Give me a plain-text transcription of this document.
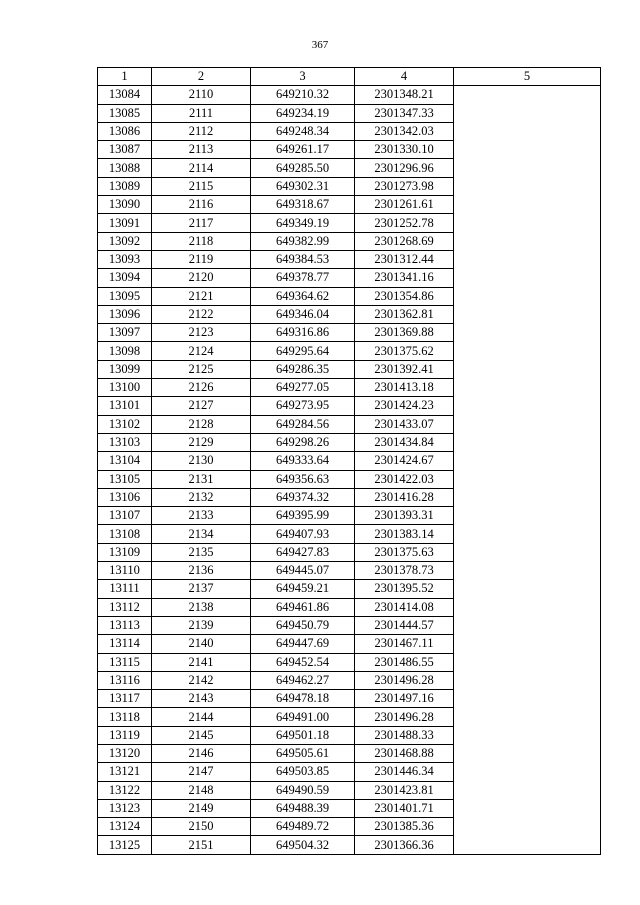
367
1	2	3	4	5
13084	2110	649210.32	2301348.21	
13085	2111	649234.19	2301347.33	
13086	2112	649248.34	2301342.03	
13087	2113	649261.17	2301330.10	
13088	2114	649285.50	2301296.96	
13089	2115	649302.31	2301273.98	
13090	2116	649318.67	2301261.61	
13091	2117	649349.19	2301252.78	
13092	2118	649382.99	2301268.69	
13093	2119	649384.53	2301312.44	
13094	2120	649378.77	2301341.16	
13095	2121	649364.62	2301354.86	
13096	2122	649346.04	2301362.81	
13097	2123	649316.86	2301369.88	
13098	2124	649295.64	2301375.62	
13099	2125	649286.35	2301392.41	
13100	2126	649277.05	2301413.18	
13101	2127	649273.95	2301424.23	
13102	2128	649284.56	2301433.07	
13103	2129	649298.26	2301434.84	
13104	2130	649333.64	2301424.67	
13105	2131	649356.63	2301422.03	
13106	2132	649374.32	2301416.28	
13107	2133	649395.99	2301393.31	
13108	2134	649407.93	2301383.14	
13109	2135	649427.83	2301375.63	
13110	2136	649445.07	2301378.73	
13111	2137	649459.21	2301395.52	
13112	2138	649461.86	2301414.08	
13113	2139	649450.79	2301444.57	
13114	2140	649447.69	2301467.11	
13115	2141	649452.54	2301486.55	
13116	2142	649462.27	2301496.28	
13117	2143	649478.18	2301497.16	
13118	2144	649491.00	2301496.28	
13119	2145	649501.18	2301488.33	
13120	2146	649505.61	2301468.88	
13121	2147	649503.85	2301446.34	
13122	2148	649490.59	2301423.81	
13123	2149	649488.39	2301401.71	
13124	2150	649489.72	2301385.36	
13125	2151	649504.32	2301366.36	
